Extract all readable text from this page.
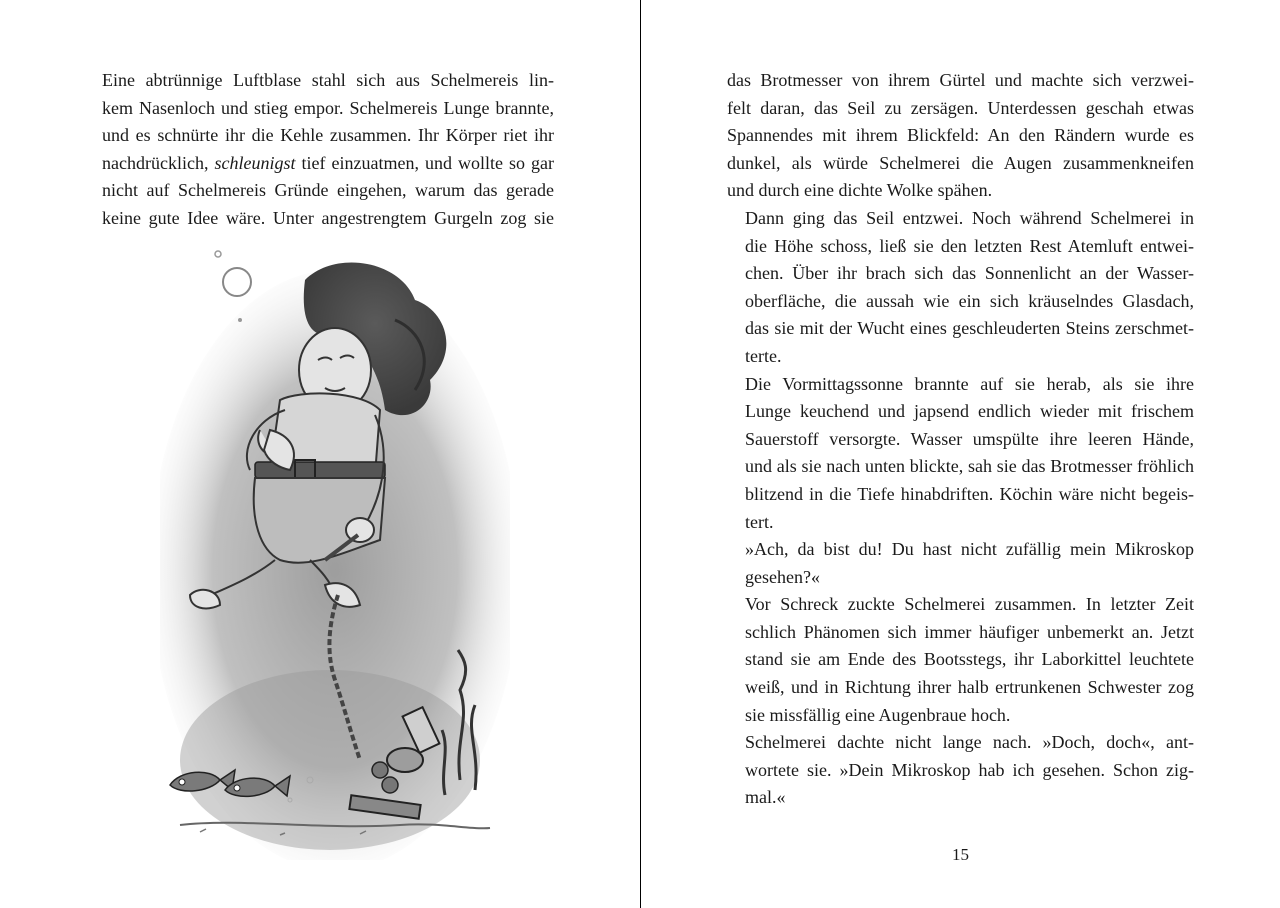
Eine abtrünnige Luftblase stahl sich aus Schelmereis lin-
kem Nasenloch und stieg empor. Schelmereis Lunge brannte,
und es schnürte ihr die Kehle zusammen. Ihr Körper riet ihr
nachdrücklich, schleunigst tief einzuatmen, und wollte so gar
nicht auf Schelmereis Gründe eingehen, warum das gerade
keine gute Idee wäre. Unter angestrengtem Gurgeln zog sie

das Brotmesser von ihrem Gürtel und machte sich verzwei-
felt daran, das Seil zu zersägen. Unterdessen geschah etwas
Spannendes mit ihrem Blickfeld: An den Rändern wurde es
dunkel, als würde Schelmerei die Augen zusammenkneifen
und durch eine dichte Wolke spähen.

Dann ging das Seil entzwei. Noch während Schelmerei in
die Höhe schoss, ließ sie den letzten Rest Atemluft entwei-
chen. Über ihr brach sich das Sonnenlicht an der Wasser-
oberfläche, die aussah wie ein sich kräuselndes Glasdach,
das sie mit der Wucht eines geschleuderten Steins zerschmet-
terte.

Die Vormittagssonne brannte auf sie herab, als sie ihre
Lunge keuchend und japsend endlich wieder mit frischem
Sauerstoff versorgte. Wasser umspülte ihre leeren Hände,
und als sie nach unten blickte, sah sie das Brotmesser fröhlich
blitzend in die Tiefe hinabdriften. Köchin wäre nicht begeis-
tert.

»Ach, da bist du! Du hast nicht zufällig mein Mikroskop
gesehen?«

Vor Schreck zuckte Schelmerei zusammen. In letzter Zeit
schlich Phänomen sich immer häufiger unbemerkt an. Jetzt
stand sie am Ende des Bootsstegs, ihr Laborkittel leuchtete
weiß, und in Richtung ihrer halb ertrunkenen Schwester zog
sie missfällig eine Augenbraue hoch.

Schelmerei dachte nicht lange nach. »Doch, doch«, ant-
wortete sie. »Dein Mikroskop hab ich gesehen. Schon zig-
mal.«

15
